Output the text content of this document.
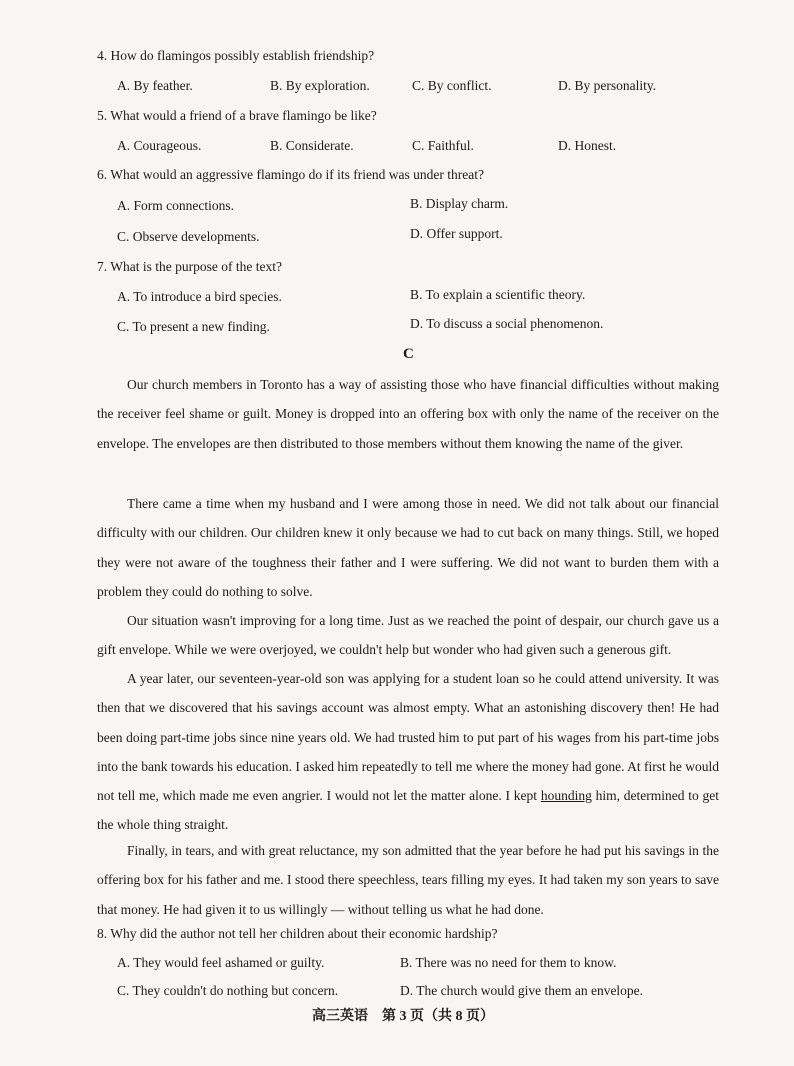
4. How do flamingos possibly establish friendship?
A. By feather.	B. By exploration.	C. By conflict.	D. By personality.
5. What would a friend of a brave flamingo be like?
A. Courageous.	B. Considerate.	C. Faithful.	D. Honest.
6. What would an aggressive flamingo do if its friend was under threat?
A. Form connections.	B. Display charm.
C. Observe developments.	D. Offer support.
7. What is the purpose of the text?
A. To introduce a bird species.	B. To explain a scientific theory.
C. To present a new finding.	D. To discuss a social phenomenon.
C
Our church members in Toronto has a way of assisting those who have financial difficulties without making the receiver feel shame or guilt. Money is dropped into an offering box with only the name of the receiver on the envelope. The envelopes are then distributed to those members without them knowing the name of the giver.
There came a time when my husband and I were among those in need. We did not talk about our financial difficulty with our children. Our children knew it only because we had to cut back on many things. Still, we hoped they were not aware of the toughness their father and I were suffering. We did not want to burden them with a problem they could do nothing to solve.
Our situation wasn't improving for a long time. Just as we reached the point of despair, our church gave us a gift envelope. While we were overjoyed, we couldn't help but wonder who had given such a generous gift.
A year later, our seventeen-year-old son was applying for a student loan so he could attend university. It was then that we discovered that his savings account was almost empty. What an astonishing discovery then! He had been doing part-time jobs since nine years old. We had trusted him to put part of his wages from his part-time jobs into the bank towards his education. I asked him repeatedly to tell me where the money had gone. At first he would not tell me, which made me even angrier. I would not let the matter alone. I kept hounding him, determined to get the whole thing straight.
Finally, in tears, and with great reluctance, my son admitted that the year before he had put his savings in the offering box for his father and me. I stood there speechless, tears filling my eyes. It had taken my son years to save that money. He had given it to us willingly — without telling us what he had done.
8. Why did the author not tell her children about their economic hardship?
A. They would feel ashamed or guilty.	B. There was no need for them to know.
C. They couldn't do nothing but concern.	D. The church would give them an envelope.
高三英语　第 3 页（共 8 页）
